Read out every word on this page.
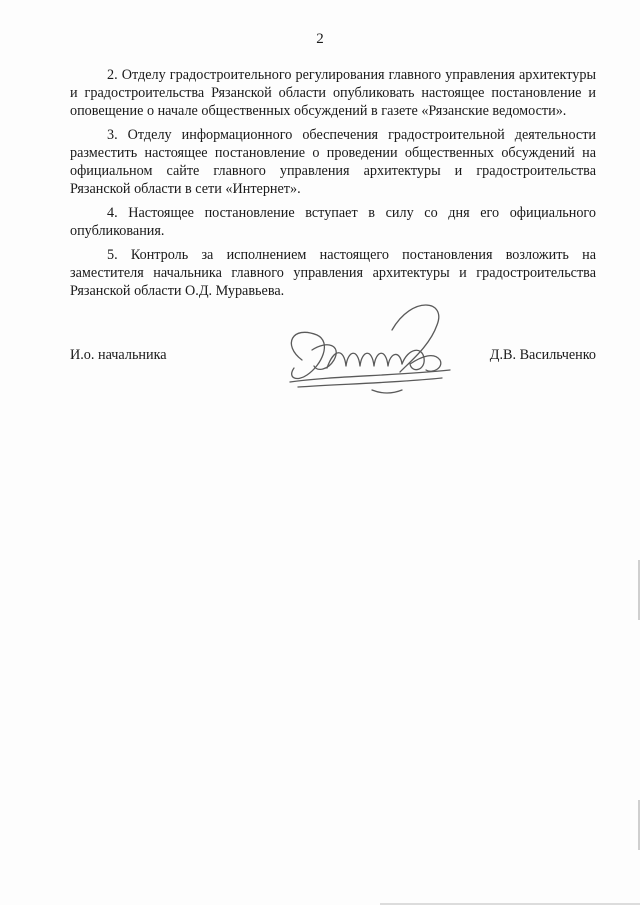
2

2. Отделу градостроительного регулирования главного управления архитектуры и градостроительства Рязанской области опубликовать настоящее постановление и оповещение о начале общественных обсуждений в газете «Рязанские ведомости».

3. Отделу информационного обеспечения градостроительной деятельности разместить настоящее постановление о проведении общественных обсуждений на официальном сайте главного управления архитектуры и градостроительства Рязанской области в сети «Интернет».

4. Настоящее постановление вступает в силу со дня его официального опубликования.

5. Контроль за исполнением настоящего постановления возложить на заместителя начальника главного управления архитектуры и градостроительства Рязанской области О.Д. Муравьева.

И.о. начальника	Д.В. Васильченко
